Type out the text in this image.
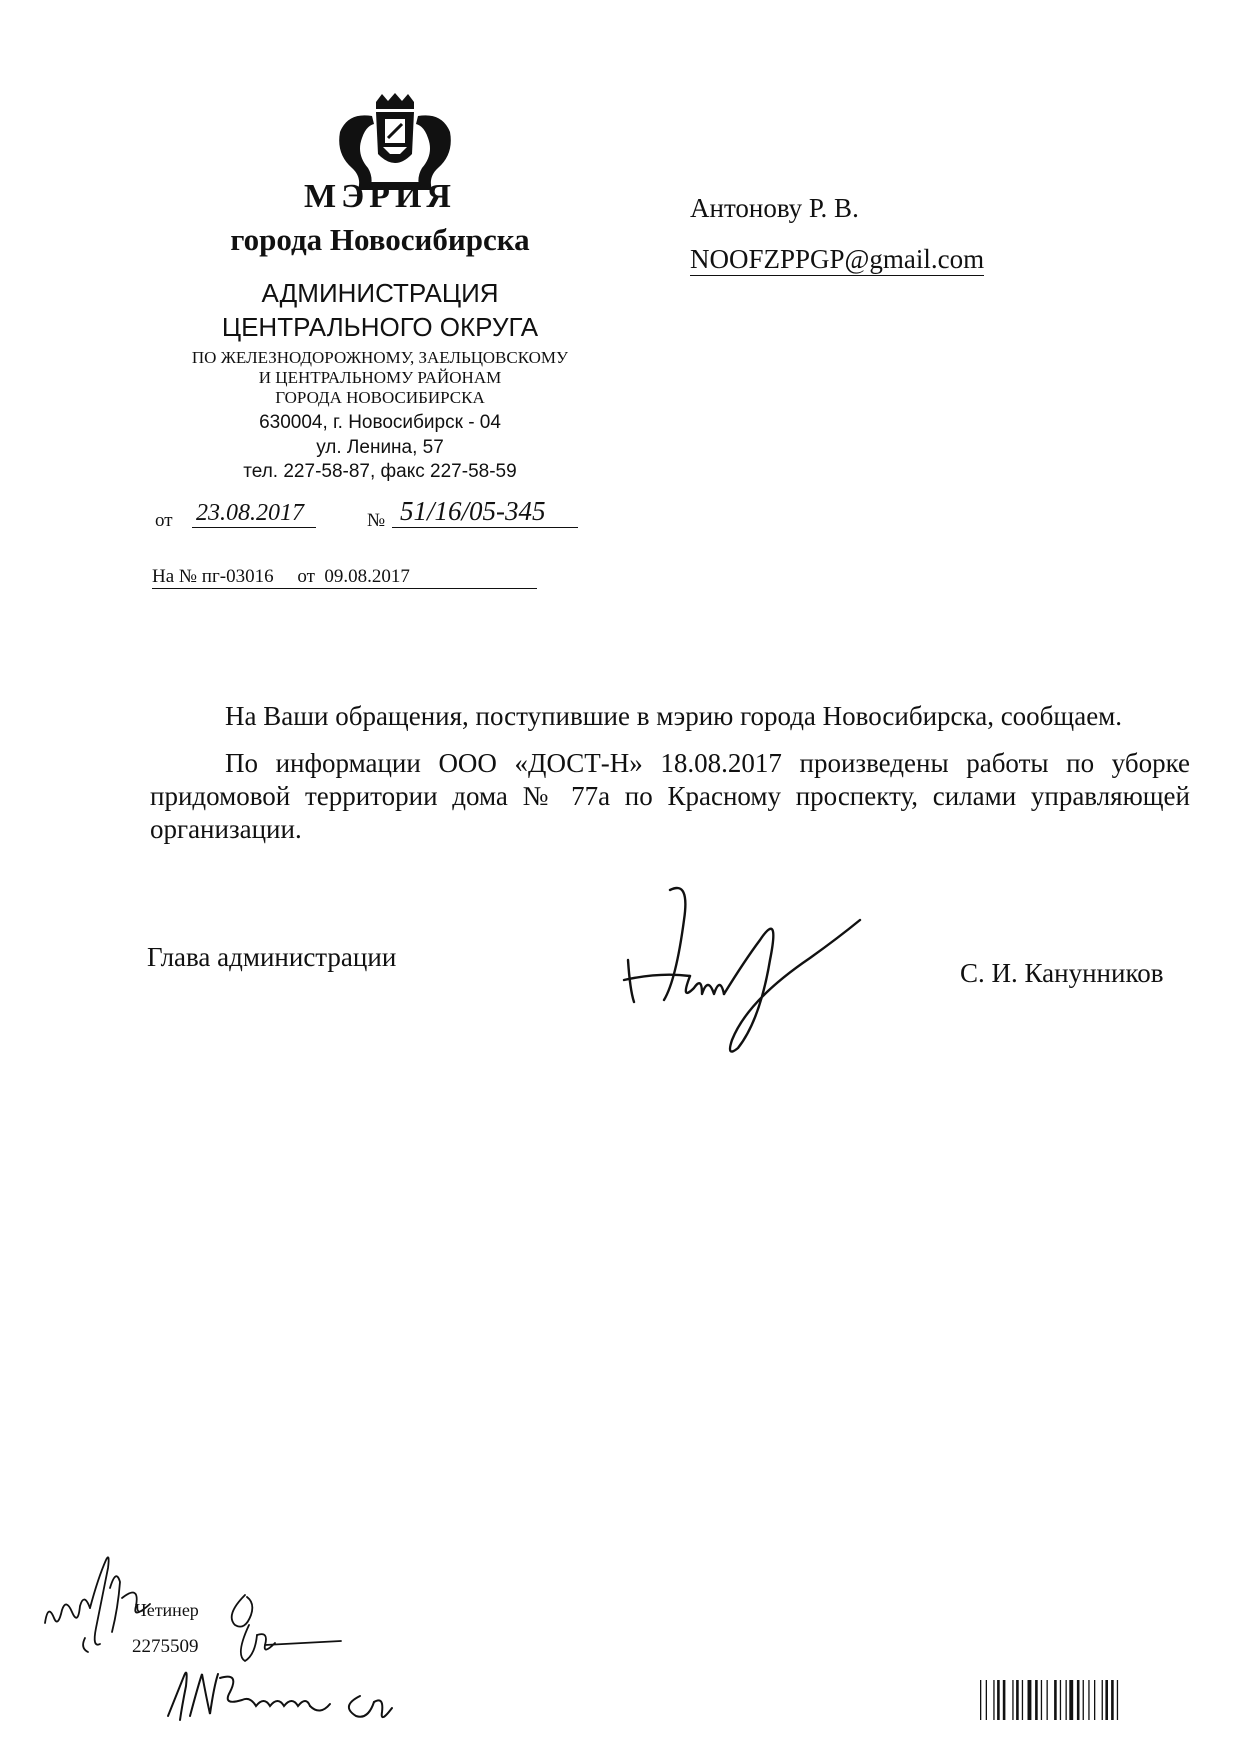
МЭРИЯ
города Новосибирска
АДМИНИСТРАЦИЯ
ЦЕНТРАЛЬНОГО ОКРУГА
ПО ЖЕЛЕЗНОДОРОЖНОМУ, ЗАЕЛЬЦОВСКОМУ
И ЦЕНТРАЛЬНОМУ РАЙОНАМ
ГОРОДА НОВОСИБИРСКА
630004, г. Новосибирск - 04
ул. Ленина, 57
тел. 227-58-87, факс 227-58-59
от 23.08.2017	№ 51/16/05-345
На № пг-03016     от  09.08.2017
Антонову Р. В.
NOOFZPPGP@gmail.com

На Ваши обращения, поступившие в мэрию города Новосибирска, сообщаем.

По информации ООО «ДОСТ-Н» 18.08.2017 произведены работы по уборке придомовой территории дома № 77а по Красному проспекту, силами управляющей организации.

Глава администрации
С. И. Канунников
Четинер
2275509
